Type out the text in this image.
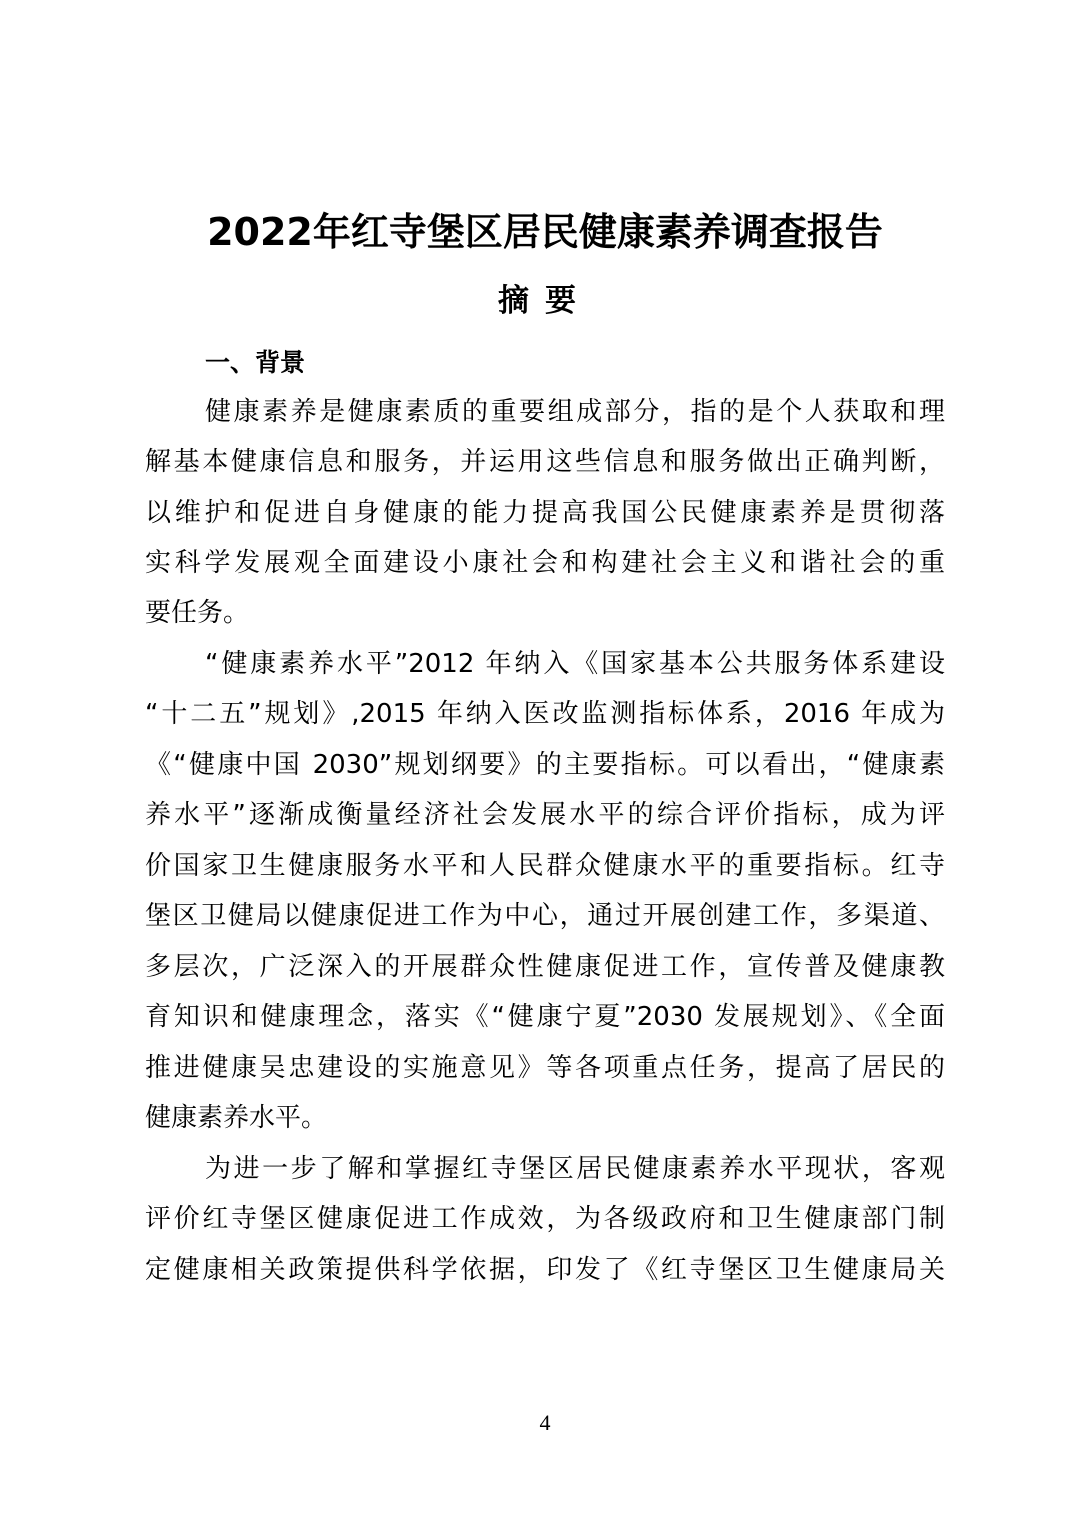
2022年红寺堡区居民健康素养调查报告
摘要
一、背景
健康素养是健康素质的重要组成部分，指的是个人获取和理
解基本健康信息和服务，并运用这些信息和服务做出正确判断，
以维护和促进自身健康的能力提高我国公民健康素养是贯彻落
实科学发展观全面建设小康社会和构建社会主义和谐社会的重
要任务。
“健康素养水平”2012 年纳入《国家基本公共服务体系建设
“十二五”规划》,2015 年纳入医改监测指标体系，2016 年成为
《“健康中国 2030”规划纲要》的主要指标。可以看出，“健康素
养水平”逐渐成衡量经济社会发展水平的综合评价指标，成为评
价国家卫生健康服务水平和人民群众健康水平的重要指标。红寺
堡区卫健局以健康促进工作为中心，通过开展创建工作，多渠道、
多层次，广泛深入的开展群众性健康促进工作，宣传普及健康教
育知识和健康理念，落实《“健康宁夏”2030 发展规划》、《全面
推进健康吴忠建设的实施意见》等各项重点任务，提高了居民的
健康素养水平。
为进一步了解和掌握红寺堡区居民健康素养水平现状，客观
评价红寺堡区健康促进工作成效，为各级政府和卫生健康部门制
定健康相关政策提供科学依据，印发了《红寺堡区卫生健康局关
4
